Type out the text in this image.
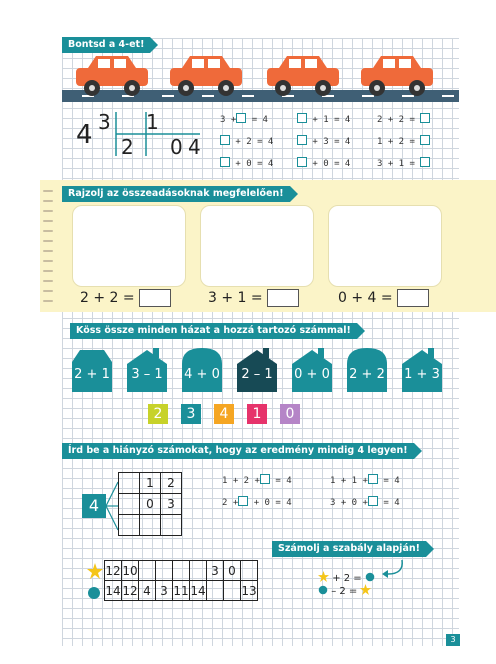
Bontsd a 4-et!
4 3 1
2 0 4
3 + = 4	+ 1 = 4	2 + 2 =
+ 2 = 4	+ 3 = 4	1 + 2 =
+ 0 = 4	+ 0 = 4	3 + 1 =
Rajzolj az összeadásoknak megfelelően!
2 + 2 =	3 + 1 =	0 + 4 =
Köss össze minden házat a hozzá tartozó számmal!
2 + 1	3 – 1	4 + 0	2 – 1	0 + 0 2 + 2 1 + 3
2	3	4	1	0
Írd be a hiányzó számokat, hogy az eredmény mindig 4 legyen!
4
	1	2
	0	3

1 + 2 + = 4	1 + 1 + = 4
2 + + 0 = 4	3 + 0 + = 4
Számolj a szabály alapján!
12	10					3	0	
14	12	4	3	11	14			13
+ 2 =
– 2 =
3
